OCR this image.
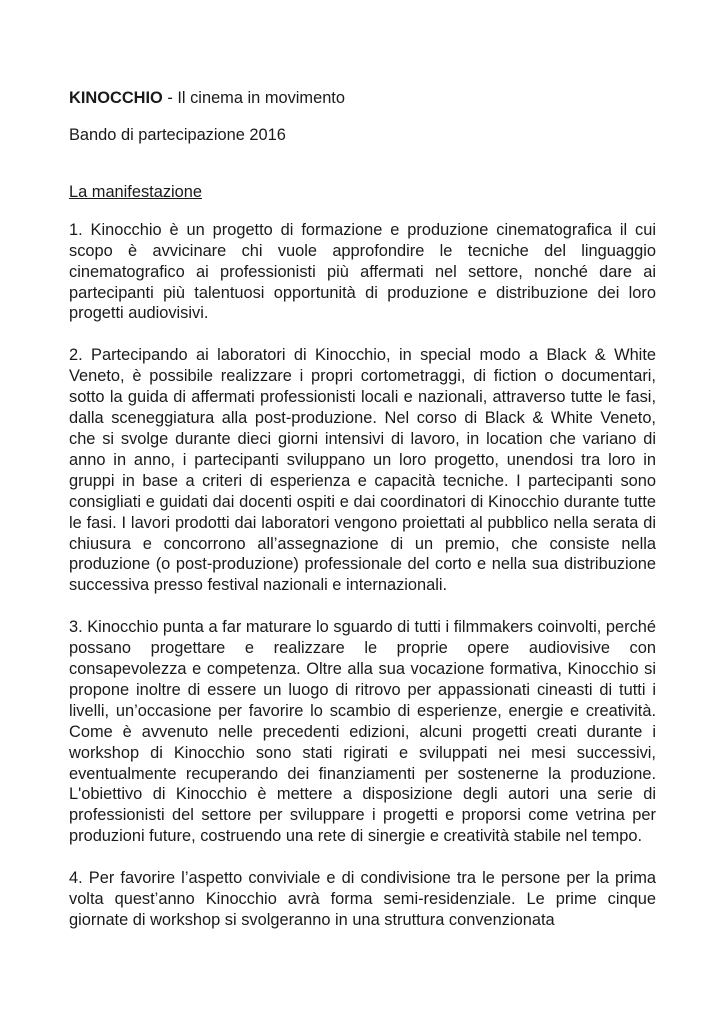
KINOCCHIO - Il cinema in movimento

Bando di partecipazione 2016

La manifestazione

1. Kinocchio è un progetto di formazione e produzione cinematografica il cui scopo è avvicinare chi vuole approfondire le tecniche del linguaggio cinematografico ai professionisti più affermati nel settore, nonché dare ai partecipanti più talentuosi opportunità di produzione e distribuzione dei loro progetti audiovisivi.

2. Partecipando ai laboratori di Kinocchio, in special modo a Black & White Veneto, è possibile realizzare i propri cortometraggi, di fiction o documentari, sotto la guida di affermati professionisti locali e nazionali, attraverso tutte le fasi, dalla sceneggiatura alla post-produzione. Nel corso di Black & White Veneto, che si svolge durante dieci giorni intensivi di lavoro, in location che variano di anno in anno, i partecipanti sviluppano un loro progetto, unendosi tra loro in gruppi in base a criteri di esperienza e capacità tecniche. I partecipanti sono consigliati e guidati dai docenti ospiti e dai coordinatori di Kinocchio durante tutte le fasi. I lavori prodotti dai laboratori vengono proiettati al pubblico nella serata di chiusura e concorrono all’assegnazione di un premio, che consiste nella produzione (o post-produzione) professionale del corto e nella sua distribuzione successiva presso festival nazionali e internazionali.

3. Kinocchio punta a far maturare lo sguardo di tutti i filmmakers coinvolti, perché possano progettare e realizzare le proprie opere audiovisive con consapevolezza e competenza. Oltre alla sua vocazione formativa, Kinocchio si propone inoltre di essere un luogo di ritrovo per appassionati cineasti di tutti i livelli, un’occasione per favorire lo scambio di esperienze, energie e creatività. Come è avvenuto nelle precedenti edizioni, alcuni progetti creati durante i workshop di Kinocchio sono stati rigirati e sviluppati nei mesi successivi, eventualmente recuperando dei finanziamenti per sostenerne la produzione. L'obiettivo di Kinocchio è mettere a disposizione degli autori una serie di professionisti del settore per sviluppare i progetti e proporsi come vetrina per produzioni future, costruendo una rete di sinergie e creatività stabile nel tempo.

4. Per favorire l’aspetto conviviale e di condivisione tra le persone per la prima volta quest’anno Kinocchio avrà forma semi-residenziale. Le prime cinque giornate di workshop si svolgeranno in una struttura convenzionata
